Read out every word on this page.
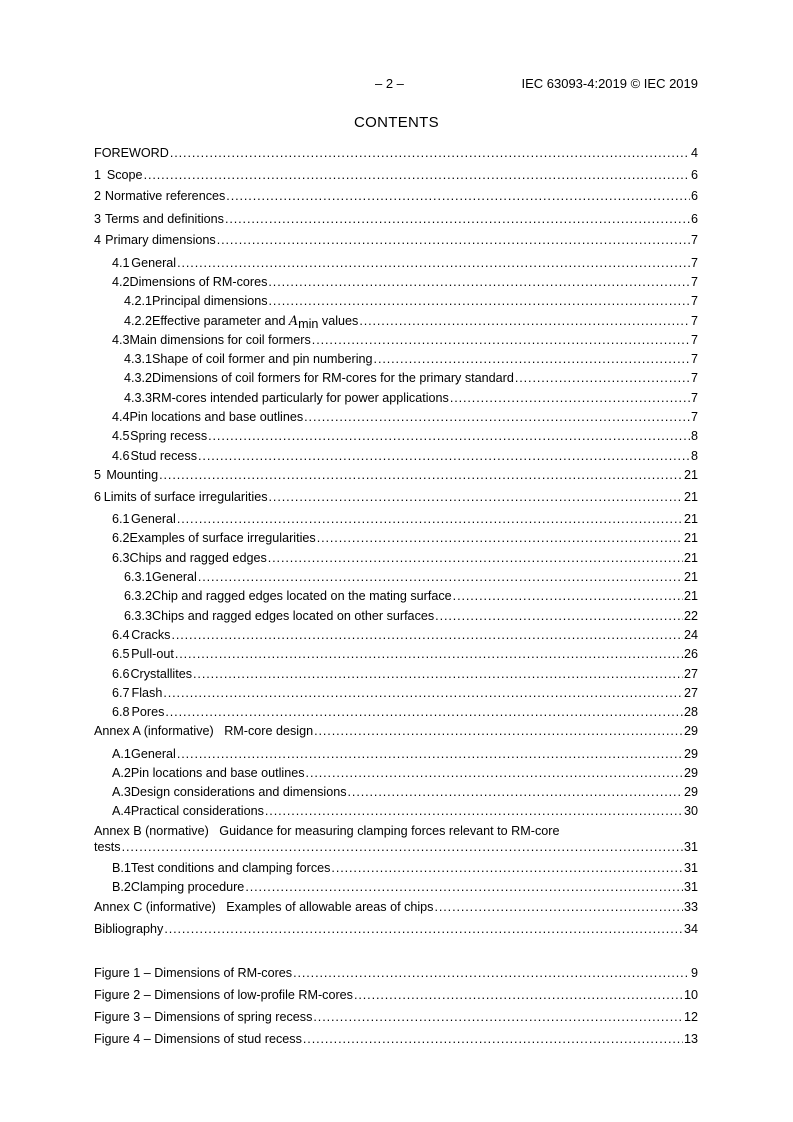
– 2 –	IEC 63093-4:2019 © IEC 2019
CONTENTS
FOREWORD .....	4
1 Scope .....	6
2 Normative references .....	6
3 Terms and definitions .....	6
4 Primary dimensions .....	7
4.1 General .....	7
4.2 Dimensions of RM-cores .....	7
4.2.1 Principal dimensions .....	7
4.2.2 Effective parameter and Amin values .....	7
4.3 Main dimensions for coil formers .....	7
4.3.1 Shape of coil former and pin numbering .....	7
4.3.2 Dimensions of coil formers for RM-cores for the primary standard .....	7
4.3.3 RM-cores intended particularly for power applications .....	7
4.4 Pin locations and base outlines .....	7
4.5 Spring recess .....	8
4.6 Stud recess .....	8
5 Mounting .....	21
6 Limits of surface irregularities .....	21
6.1 General .....	21
6.2 Examples of surface irregularities .....	21
6.3 Chips and ragged edges .....	21
6.3.1 General .....	21
6.3.2 Chip and ragged edges located on the mating surface .....	21
6.3.3 Chips and ragged edges located on other surfaces .....	22
6.4 Cracks .....	24
6.5 Pull-out .....	26
6.6 Crystallites .....	27
6.7 Flash .....	27
6.8 Pores .....	28
Annex A (informative)   RM-core design .....	29
A.1 General .....	29
A.2 Pin locations and base outlines .....	29
A.3 Design considerations and dimensions .....	29
A.4 Practical considerations .....	30
Annex B (normative)   Guidance for measuring clamping forces relevant to RM-core
tests .....	31
B.1 Test conditions and clamping forces .....	31
B.2 Clamping procedure .....	31
Annex C (informative)   Examples of allowable areas of chips .....	33
Bibliography .....	34
Figure 1 – Dimensions of RM-cores .....	9
Figure 2 – Dimensions of low-profile RM-cores .....	10
Figure 3 – Dimensions of spring recess .....	12
Figure 4 – Dimensions of stud recess .....	13
